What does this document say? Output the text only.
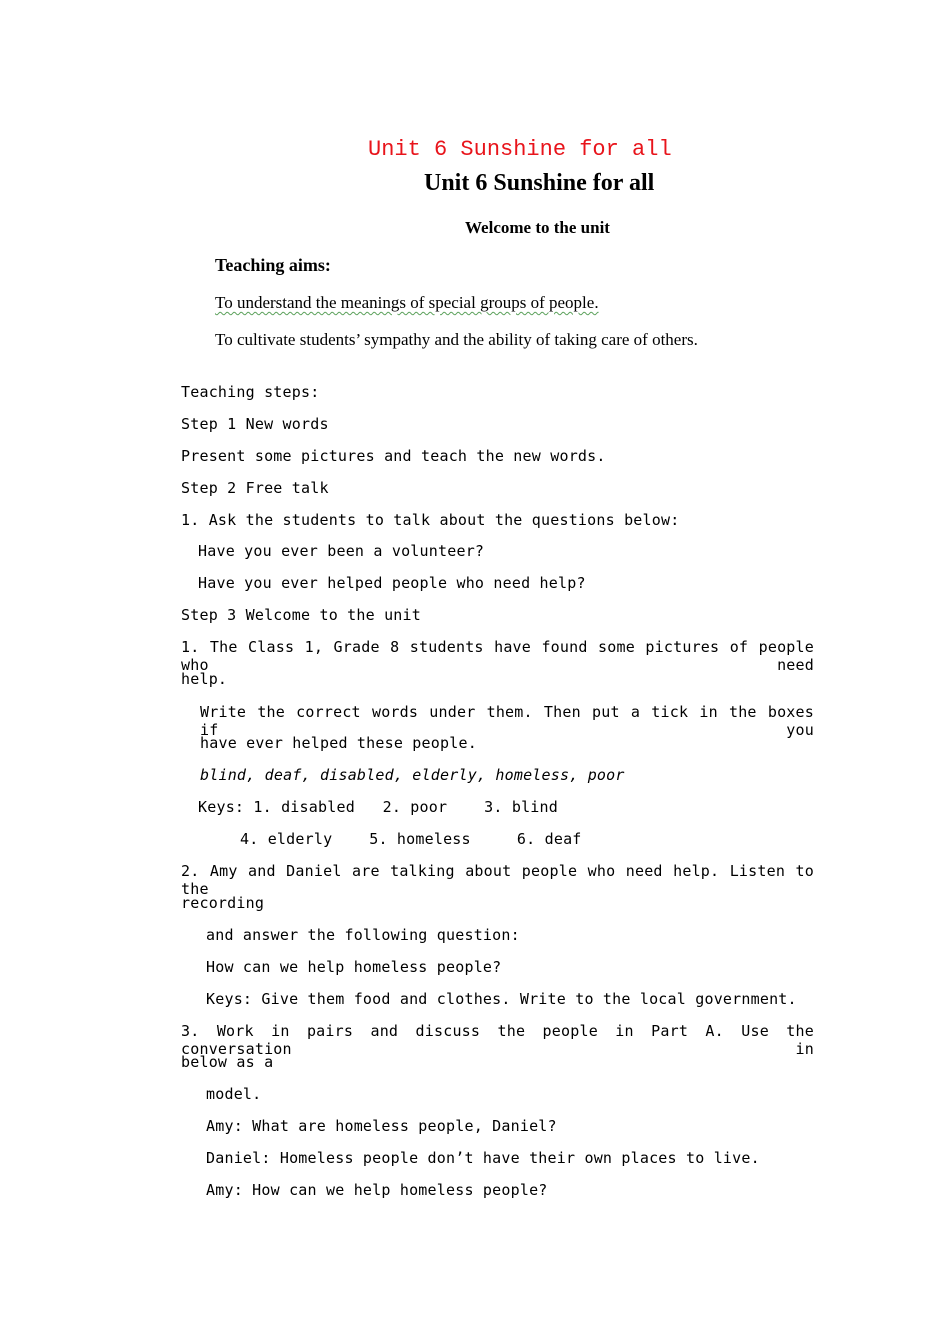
Unit 6 Sunshine for all
Unit 6 Sunshine for all
Welcome to the unit
Teaching aims:
To understand the meanings of special groups of people.
To cultivate students’ sympathy and the ability of taking care of others.
Teaching steps:
Step 1 New words
Present some pictures and teach the new words.
Step 2 Free talk
1. Ask the students to talk about the questions below:
Have you ever been a volunteer?
Have you ever helped people who need help?
Step 3 Welcome to the unit
1. The Class 1, Grade 8 students have found some pictures of people who need
help.
Write the correct words under them. Then put a tick in the boxes if you
have ever helped these people.
blind, deaf, disabled, elderly, homeless, poor
Keys: 1. disabled   2. poor    3. blind
4. elderly    5. homeless     6. deaf
2. Amy and Daniel are talking about people who need help. Listen to the
recording
and answer the following question:
How can we help homeless people?
Keys: Give them food and clothes. Write to the local government.
3. Work in pairs and discuss the people in Part A. Use the conversation in
below as a
model.
Amy: What are homeless people, Daniel?
Daniel: Homeless people don’t have their own places to live.
Amy: How can we help homeless people?
